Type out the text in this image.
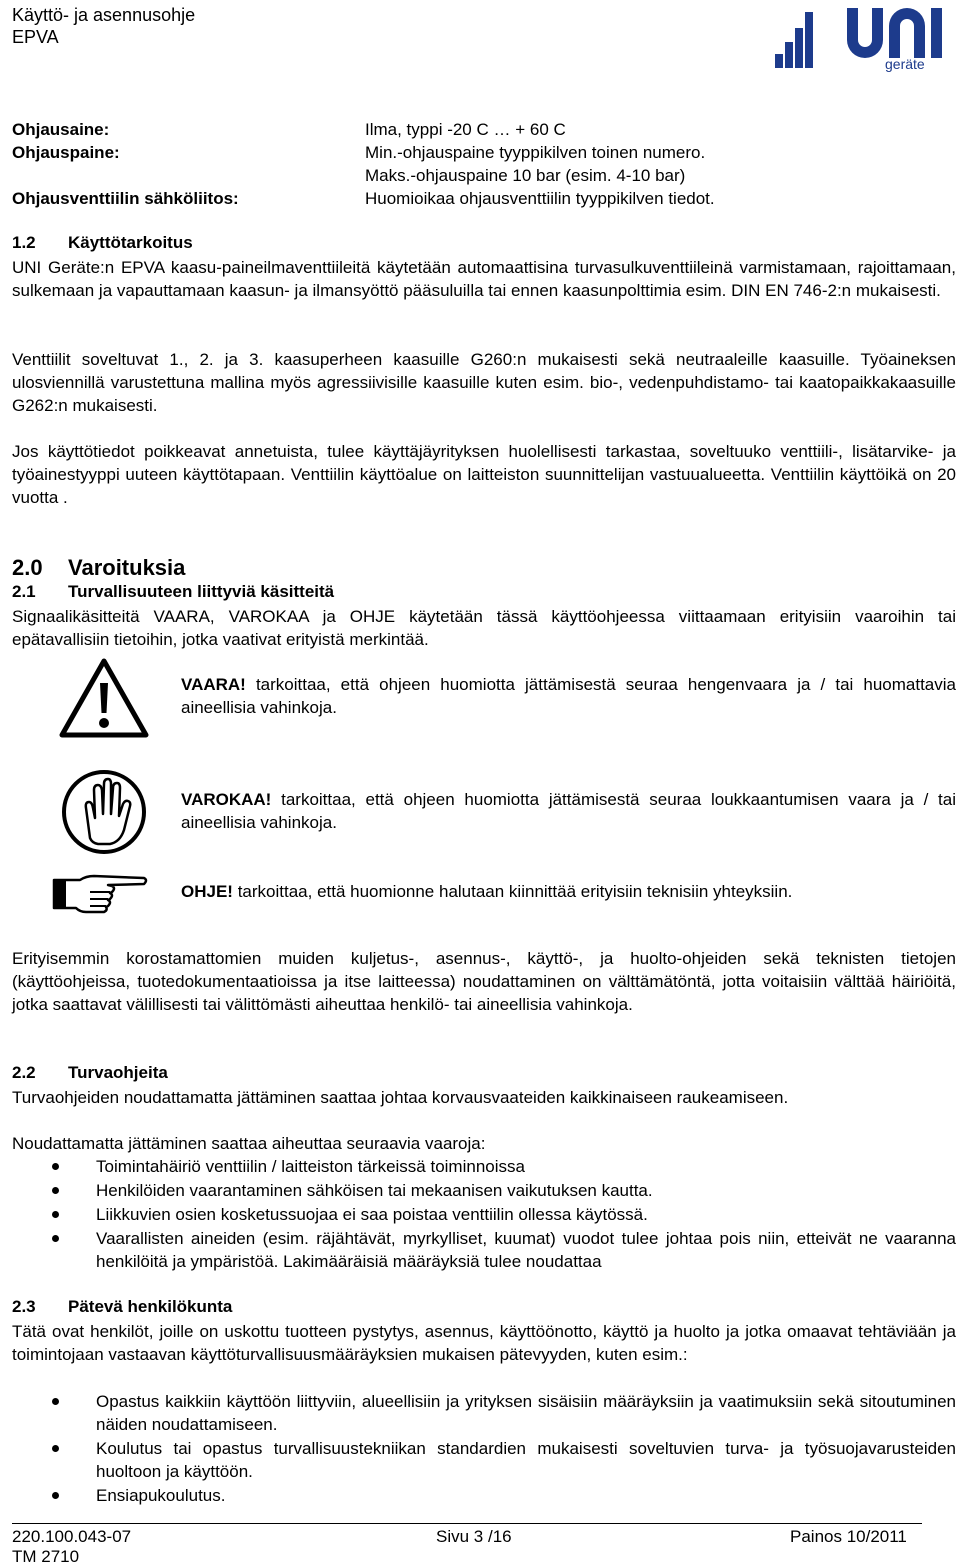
Käyttö- ja asennusohje
EPVA
geräte
Ohjausaine:	Ilma, typpi -20 C … + 60 C
Ohjauspaine:	Min.-ohjauspaine tyyppikilven toinen numero.
Maks.-ohjauspaine 10 bar (esim. 4-10 bar)
Ohjausventtiilin sähköliitos:	Huomioikaa ohjausventtiilin tyyppikilven tiedot.
1.2 Käyttötarkoitus
UNI Geräte:n EPVA kaasu-paineilmaventtiileitä käytetään automaattisina turvasulkuventtiileinä varmistamaan, rajoittamaan, sulkemaan ja vapauttamaan kaasun- ja ilmansyöttö pääsuluilla tai ennen kaasunpolttimia esim. DIN EN 746-2:n mukaisesti.
Venttiilit soveltuvat 1., 2. ja 3. kaasuperheen kaasuille G260:n mukaisesti sekä neutraaleille kaasuille. Työaineksen ulosviennillä varustettuna mallina myös agressiivisille kaasuille kuten esim. bio-, vedenpuhdistamo- tai kaatopaikkakaasuille G262:n mukaisesti.
Jos käyttötiedot poikkeavat annetuista, tulee käyttäjäyrityksen huolellisesti tarkastaa, soveltuuko venttiili-, lisätarvike- ja työainestyyppi uuteen käyttötapaan. Venttiilin käyttöalue on laitteiston suunnittelijan vastuualueetta. Venttiilin käyttöikä on 20 vuotta .
2.0 Varoituksia
2.1 Turvallisuuteen liittyviä käsitteitä
Signaalikäsitteitä VAARA, VAROKAA ja OHJE käytetään tässä käyttöohjeessa viittaamaan erityisiin vaaroihin tai epätavallisiin tietoihin, jotka vaativat erityistä merkintää.
VAARA! tarkoittaa, että ohjeen huomiotta jättämisestä seuraa hengenvaara ja / tai huomattavia aineellisia vahinkoja.
VAROKAA! tarkoittaa, että ohjeen huomiotta jättämisestä seuraa loukkaantumisen vaara ja / tai aineellisia vahinkoja.
OHJE! tarkoittaa, että huomionne halutaan kiinnittää erityisiin teknisiin yhteyksiin.
Erityisemmin korostamattomien muiden kuljetus-, asennus-, käyttö-, ja huolto-ohjeiden sekä teknisten tietojen (käyttöohjeissa, tuotedokumentaatioissa ja itse laitteessa) noudattaminen on välttämätöntä, jotta voitaisiin välttää häiriöitä, jotka saattavat välillisesti tai välittömästi aiheuttaa henkilö- tai aineellisia vahinkoja.
2.2 Turvaohjeita
Turvaohjeiden noudattamatta jättäminen saattaa johtaa korvausvaateiden kaikkinaiseen raukeamiseen.
Noudattamatta jättäminen saattaa aiheuttaa seuraavia vaaroja:
Toimintahäiriö venttiilin / laitteiston tärkeissä toiminnoissa
Henkilöiden vaarantaminen sähköisen tai mekaanisen vaikutuksen kautta.
Liikkuvien osien kosketussuojaa ei saa poistaa venttiilin ollessa käytössä.
Vaarallisten aineiden (esim. räjähtävät, myrkylliset, kuumat) vuodot tulee johtaa pois niin, etteivät ne vaaranna henkilöitä ja ympäristöä. Lakimääräisiä määräyksiä tulee noudattaa
2.3 Pätevä henkilökunta
Tätä ovat henkilöt, joille on uskottu tuotteen pystytys, asennus, käyttöönotto, käyttö ja huolto ja jotka omaavat tehtäviään ja toimintojaan vastaavan käyttöturvallisuusmääräyksien mukaisen pätevyyden, kuten esim.:
Opastus kaikkiin käyttöön liittyviin, alueellisiin ja yrityksen sisäisiin määräyksiin ja vaatimuksiin sekä sitoutuminen näiden noudattamiseen.
Koulutus tai opastus turvallisuustekniikan standardien mukaisesti soveltuvien turva- ja työsuojavarusteiden huoltoon ja käyttöön.
Ensiapukoulutus.
220.100.043-07	Sivu 3 /16	Painos 10/2011
TM 2710
